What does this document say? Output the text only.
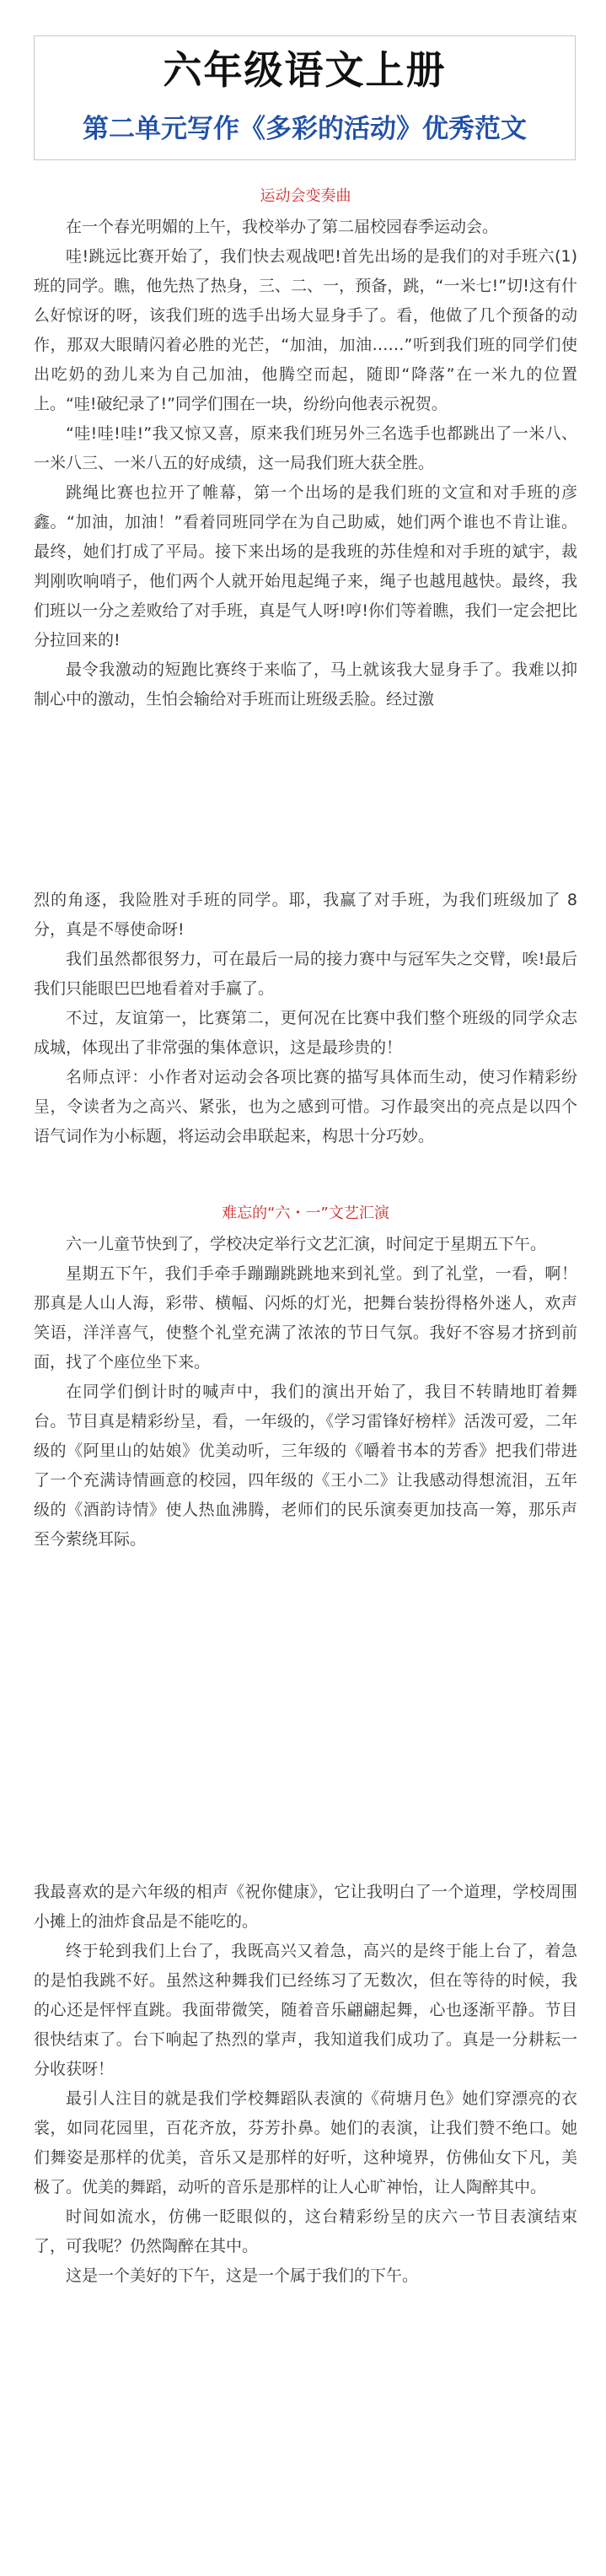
六年级语文上册
第二单元写作《多彩的活动》优秀范文
运动会变奏曲

在一个春光明媚的上午，我校举办了第二届校园春季运动会。

哇!跳远比赛开始了，我们快去观战吧!首先出场的是我们的对手班六(1)班的同学。瞧，他先热了热身，三、二、一，预备，跳，“一米七!”切!这有什么好惊讶的呀，该我们班的选手出场大显身手了。看，他做了几个预备的动作，那双大眼睛闪着必胜的光芒，“加油，加油……”听到我们班的同学们使出吃奶的劲儿来为自己加油，他腾空而起，随即“降落”在一米九的位置上。“哇!破纪录了!”同学们围在一块，纷纷向他表示祝贺。

“哇!哇!哇!”我又惊又喜，原来我们班另外三名选手也都跳出了一米八、一米八三、一米八五的好成绩，这一局我们班大获全胜。

跳绳比赛也拉开了帷幕，第一个出场的是我们班的文宣和对手班的彦鑫。“加油，加油！”看着同班同学在为自己助威，她们两个谁也不肯让谁。最终，她们打成了平局。接下来出场的是我班的苏佳煌和对手班的斌宇，裁判刚吹响哨子，他们两个人就开始甩起绳子来，绳子也越甩越快。最终，我们班以一分之差败给了对手班，真是气人呀!哼!你们等着瞧，我们一定会把比分拉回来的!

最令我激动的短跑比赛终于来临了，马上就该我大显身手了。我难以抑制心中的激动，生怕会输给对手班而让班级丢脸。经过激

烈的角逐，我险胜对手班的同学。耶，我赢了对手班，为我们班级加了 8 分，真是不辱使命呀!

我们虽然都很努力，可在最后一局的接力赛中与冠军失之交臂，唉!最后我们只能眼巴巴地看着对手赢了。

不过，友谊第一，比赛第二，更何况在比赛中我们整个班级的同学众志成城，体现出了非常强的集体意识，这是最珍贵的！

名师点评：小作者对运动会各项比赛的描写具体而生动，使习作精彩纷呈，令读者为之高兴、紧张，也为之感到可惜。习作最突出的亮点是以四个语气词作为小标题，将运动会串联起来，构思十分巧妙。

难忘的“六・一”文艺汇演

六一儿童节快到了，学校决定举行文艺汇演，时间定于星期五下午。

星期五下午，我们手牵手蹦蹦跳跳地来到礼堂。到了礼堂，一看，啊！那真是人山人海，彩带、横幅、闪烁的灯光，把舞台装扮得格外迷人，欢声笑语，洋洋喜气，使整个礼堂充满了浓浓的节日气氛。我好不容易才挤到前面，找了个座位坐下来。

在同学们倒计时的喊声中，我们的演出开始了，我目不转睛地盯着舞台。节目真是精彩纷呈，看，一年级的，《学习雷锋好榜样》活泼可爱，二年级的《阿里山的姑娘》优美动听，三年级的《嚼着书本的芳香》把我们带进了一个充满诗情画意的校园，四年级的《王小二》让我感动得想流泪，五年级的《酒韵诗情》使人热血沸腾，老师们的民乐演奏更加技高一筹，那乐声至今萦绕耳际。

我最喜欢的是六年级的相声《祝你健康》，它让我明白了一个道理，学校周围小摊上的油炸食品是不能吃的。

终于轮到我们上台了，我既高兴又着急，高兴的是终于能上台了，着急的是怕我跳不好。虽然这种舞我们已经练习了无数次，但在等待的时候，我的心还是怦怦直跳。我面带微笑，随着音乐翩翩起舞，心也逐渐平静。节目很快结束了。台下响起了热烈的掌声，我知道我们成功了。真是一分耕耘一分收获呀！

最引人注目的就是我们学校舞蹈队表演的《荷塘月色》她们穿漂亮的衣裳，如同花园里，百花齐放，芬芳扑鼻。她们的表演，让我们赞不绝口。她们舞姿是那样的优美，音乐又是那样的好听，这种境界，仿佛仙女下凡，美极了。优美的舞蹈，动听的音乐是那样的让人心旷神怡，让人陶醉其中。

时间如流水，仿佛一眨眼似的，这台精彩纷呈的庆六一节目表演结束了，可我呢？仍然陶醉在其中。

这是一个美好的下午，这是一个属于我们的下午。
